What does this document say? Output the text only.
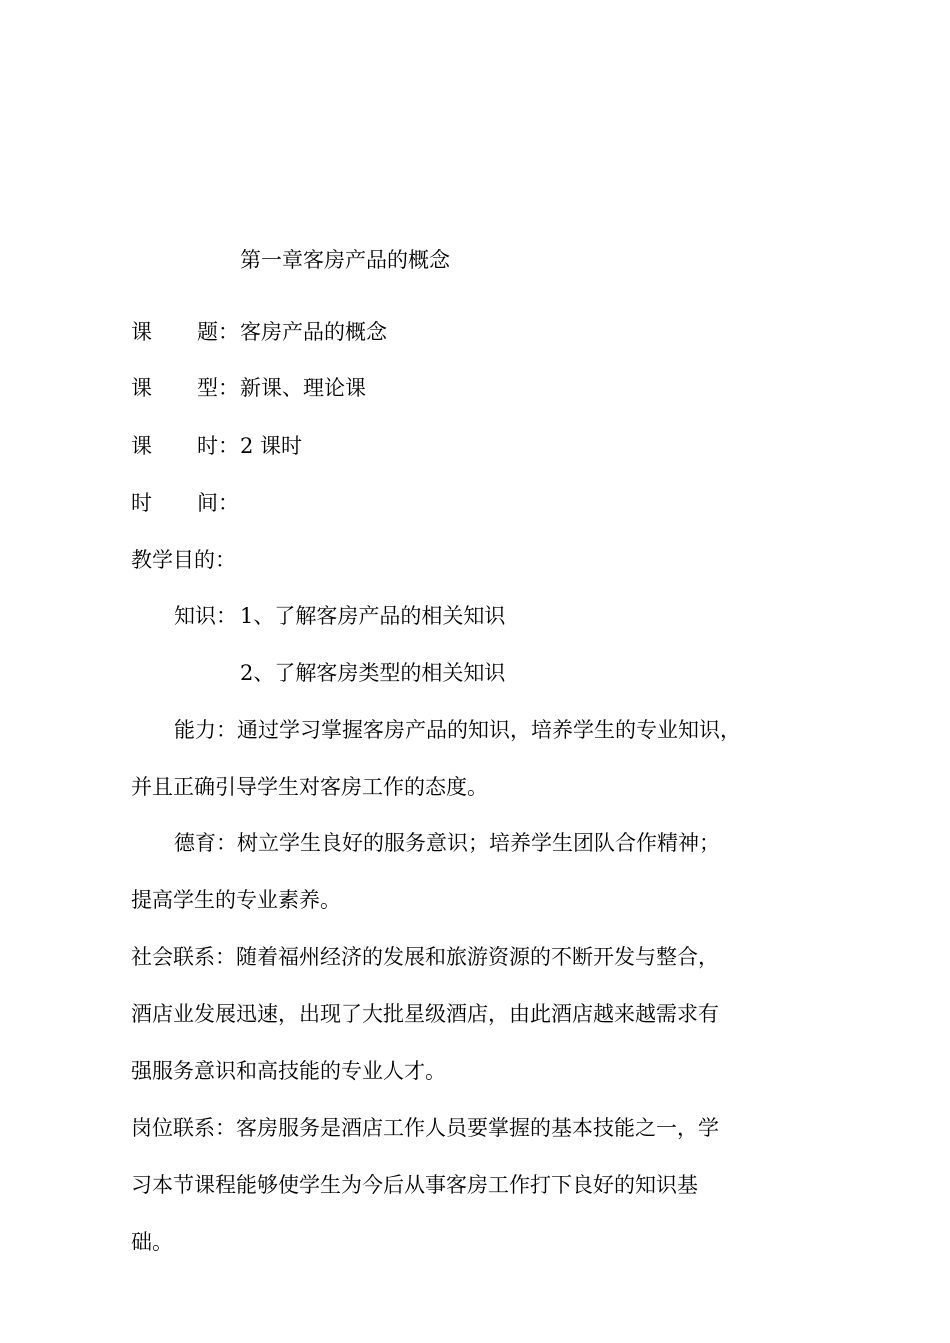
第一章客房产品的概念
课 题： 客房产品的概念
课 型： 新课、理论课
课 时： 2 课时
时 间：
教学目的：
知识： 1、了解客房产品的相关知识
2、了解客房类型的相关知识
能力：通过学习掌握客房产品的知识，培养学生的专业知识，
并且正确引导学生对客房工作的态度。
德育：树立学生良好的服务意识；培养学生团队合作精神；
提高学生的专业素养。
社会联系：随着福州经济的发展和旅游资源的不断开发与整合，
酒店业发展迅速，出现了大批星级酒店，由此酒店越来越需求有
强服务意识和高技能的专业人才。
岗位联系：客房服务是酒店工作人员要掌握的基本技能之一，学
习本节课程能够使学生为今后从事客房工作打下良好的知识基
础。
